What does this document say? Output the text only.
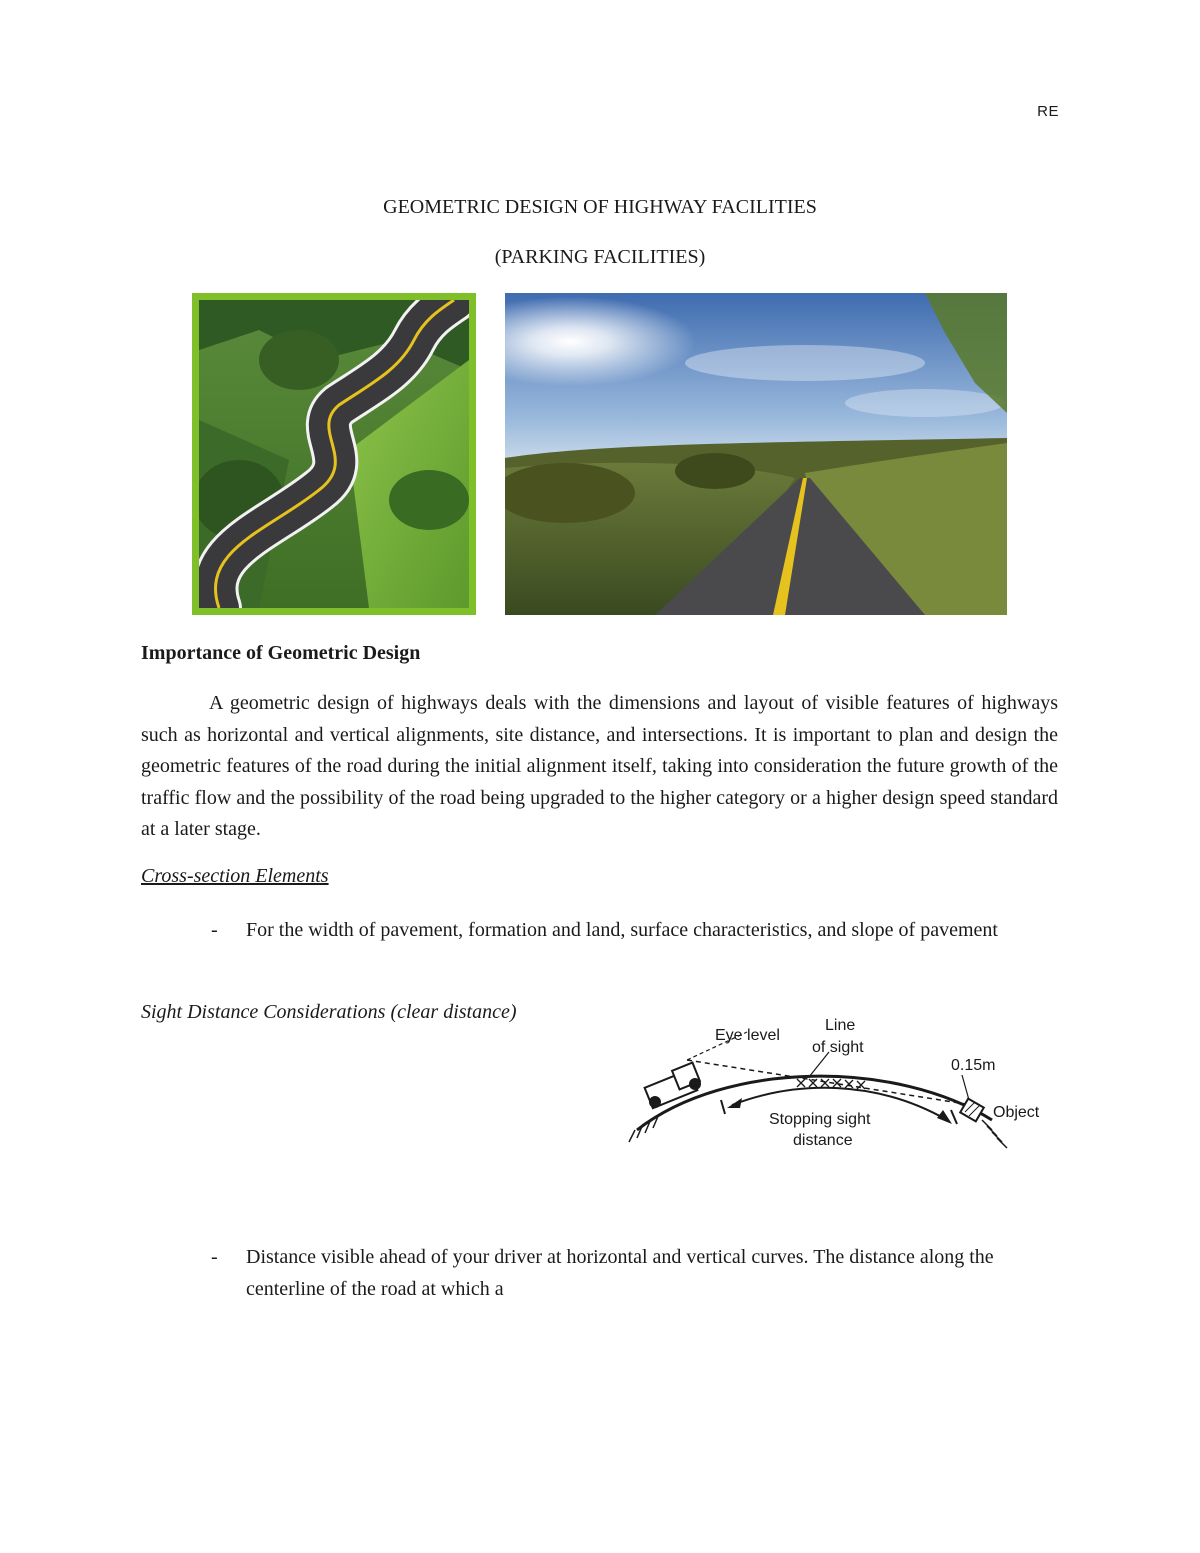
RE
GEOMETRIC DESIGN OF HIGHWAY FACILITIES
(PARKING FACILITIES)
Importance of Geometric Design

A geometric design of highways deals with the dimensions and layout of visible features of highways such as horizontal and vertical alignments, site distance, and intersections. It is important to plan and design the geometric features of the road during the initial alignment itself, taking into consideration the future growth of the traffic flow and the possibility of the road being upgraded to the higher category or a higher design speed standard at a later stage.

Cross-section Elements
- For the width of pavement, formation and land, surface characteristics, and slope of pavement
Sight Distance Considerations (clear distance)
Eye level
Line
of sight
0.15m
Object
Stopping sight
distance
- Distance visible ahead of your driver at horizontal and vertical curves. The distance along the centerline of the road at which a
